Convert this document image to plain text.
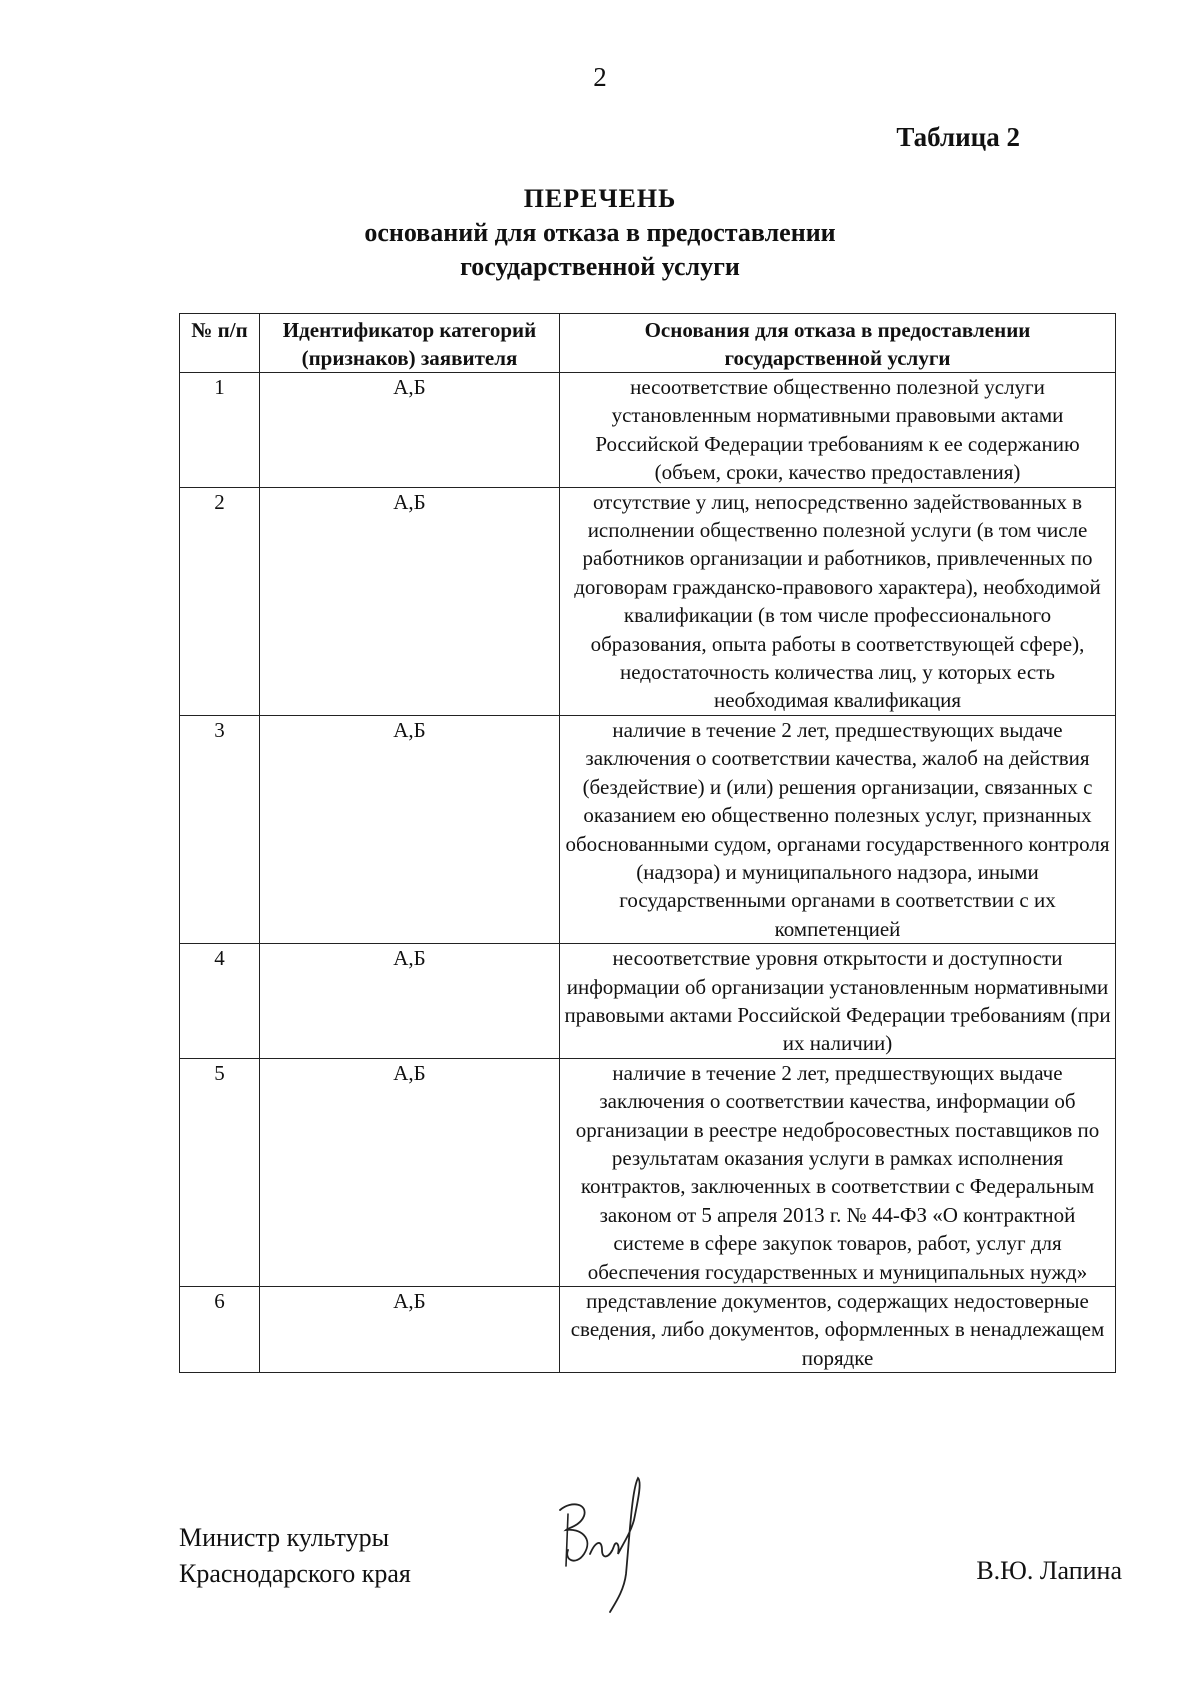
2
Таблица 2
ПЕРЕЧЕНЬ
оснований для отказа в предоставлении
государственной услуги
№ п/п	Идентификатор категорий (признаков) заявителя	Основания для отказа в предоставлении государственной услуги
1	А,Б	несоответствие общественно полезной услуги установленным нормативными правовыми актами Российской Федерации требованиям к ее содержанию (объем, сроки, качество предоставления)
2	А,Б	отсутствие у лиц, непосредственно задействованных в исполнении общественно полезной услуги (в том числе работников организации и работников, привлеченных по договорам гражданско-правового характера), необходимой квалификации (в том числе профессионального образования, опыта работы в соответствующей сфере), недостаточность количества лиц, у которых есть необходимая квалификация
3	А,Б	наличие в течение 2 лет, предшествующих выдаче заключения о соответствии качества, жалоб на действия (бездействие) и (или) решения организации, связанных с оказанием ею общественно полезных услуг, признанных обоснованными судом, органами государственного контроля (надзора) и муниципального надзора, иными государственными органами в соответствии с их компетенцией
4	А,Б	несоответствие уровня открытости и доступности информации об организации установленным нормативными правовыми актами Российской Федерации требованиям (при их наличии)
5	А,Б	наличие в течение 2 лет, предшествующих выдаче заключения о соответствии качества, информации об организации в реестре недобросовестных поставщиков по результатам оказания услуги в рамках исполнения контрактов, заключенных в соответствии с Федеральным законом от 5 апреля 2013 г. № 44-ФЗ «О контрактной системе в сфере закупок товаров, работ, услуг для обеспечения государственных и муниципальных нужд»
6	А,Б	представление документов, содержащих недостоверные сведения, либо документов, оформленных в ненадлежащем порядке
Министр культуры
Краснодарского края	В.Ю. Лапина
